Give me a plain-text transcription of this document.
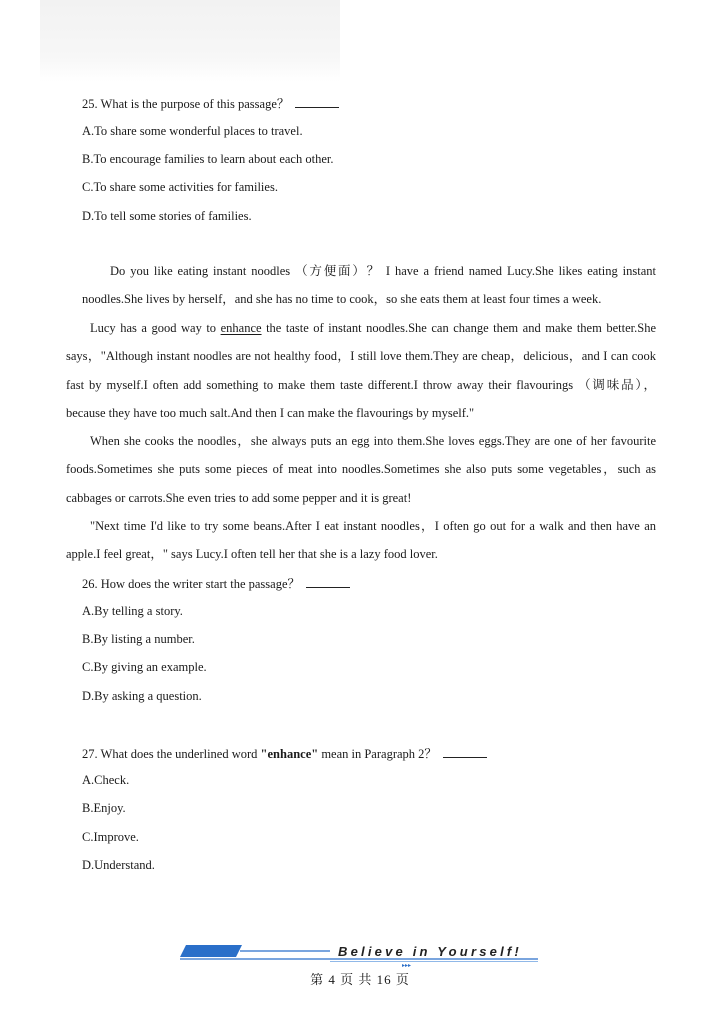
25. What is the purpose of this passage？
A.To share some wonderful places to travel.
B.To encourage families to learn about each other.
C.To share some activities for families.
D.To tell some stories of families.
Do you like eating instant noodles （方便面）？ I have a friend named Lucy.She likes eating instant noodles.She lives by herself，and she has no time to cook，so she eats them at least four times a week.
Lucy has a good way to enhance the taste of instant noodles.She can change them and make them better.She says，"Although instant noodles are not healthy food，I still love them.They are cheap，delicious，and I can cook fast by myself.I often add something to make them taste different.I throw away their flavourings （调味品），because they have too much salt.And then I can make the flavourings by myself."
When she cooks the noodles，she always puts an egg into them.She loves eggs.They are one of her favourite foods.Sometimes she puts some pieces of meat into noodles.Sometimes she also puts some vegetables，such as cabbages or carrots.She even tries to add some pepper and it is great!
"Next time I'd like to try some beans.After I eat instant noodles，I often go out for a walk and then have an apple.I feel great，" says Lucy.I often tell her that she is a lazy food lover.
26. How does the writer start the passage？
A.By telling a story.
B.By listing a number.
C.By giving an example.
D.By asking a question.
27. What does the underlined word "enhance" mean in Paragraph 2？
A.Check.
B.Enjoy.
C.Improve.
D.Understand.
▸▸▸
Believe in Yourself!
第 4 页 共 16 页
